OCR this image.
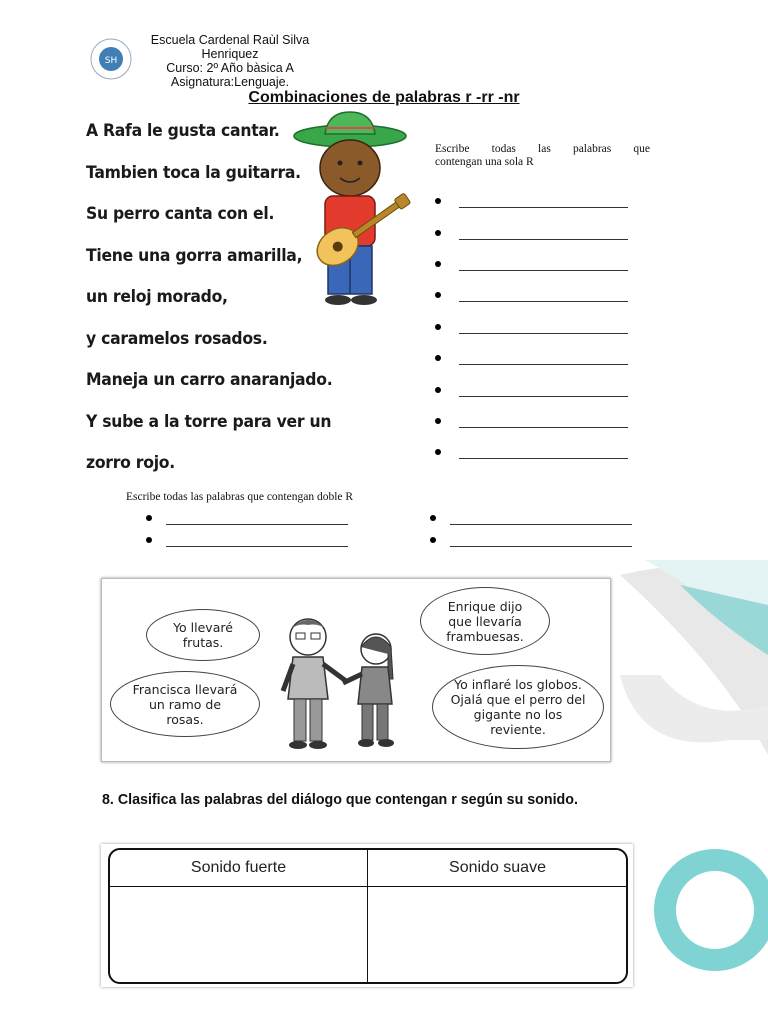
SH
Escuela Cardenal Raùl Silva
Henriquez
Curso: 2º Año bàsica A
Asignatura:Lenguaje.
Combinaciones de palabras r -rr -nr
A Rafa le gusta cantar.
Tambien toca la guitarra.
Su perro canta con el.
Tiene una gorra amarilla,
un reloj morado,
y caramelos rosados.
Maneja un carro anaranjado.
Y sube a la torre para ver un
zorro rojo.
Escribe todas las palabras que
contengan una sola R
Escribe todas las palabras que contengan doble R
Yo llevaré frutas.
Francisca llevará un ramo de rosas.
Enrique dijo que llevaría frambuesas.
Yo inflaré los globos. Ojalá que el perro del gigante no los reviente.
8. Clasifica las palabras del diálogo que contengan r según su sonido.
Sonido fuerte	Sonido suave
